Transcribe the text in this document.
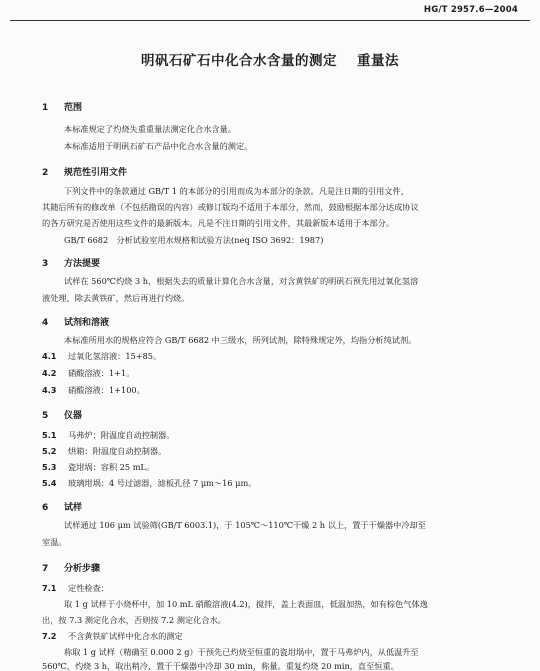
HG/T 2957.6—2004
明矾石矿石中化合水含量的测定 重量法
1 范围
本标准规定了灼烧失重重量法测定化合水含量。
本标准适用于明矾石矿石产品中化合水含量的测定。
2 规范性引用文件
下列文件中的条款通过 GB/T 1 的本部分的引用而成为本部分的条款。凡是注日期的引用文件，
其随后所有的修改单（不包括勘误的内容）或修订版均不适用于本部分，然而，鼓励根据本部分达成协议
的各方研究是否使用这些文件的最新版本。凡是不注日期的引用文件，其最新版本适用于本部分。
GB/T 6682　分析试验室用水规格和试验方法(neq ISO 3692：1987)
3 方法提要
试样在 560℃灼烧 3 h，根据失去的质量计算化合水含量，对含黄铁矿的明矾石预先用过氧化氢溶
液处理，除去黄铁矿，然后再进行灼烧。
4 试剂和溶液
本标准所用水的规格应符合 GB/T 6682 中三级水，所列试剂，除特殊规定外，均指分析纯试剂。
4.1 过氧化氢溶液：15+85。
4.2 硝酸溶液：1+1。
4.3 硝酸溶液：1+100。
5 仪器
5.1 马弗炉：附温度自动控制器。
5.2 烘箱：附温度自动控制器。
5.3 瓷坩埚：容积 25 mL。
5.4 玻璃坩埚：4 号过滤器，滤板孔径 7 μm～16 μm。
6 试样
试样通过 106 μm 试验筛(GB/T 6003.1)，于 105℃～110℃干燥 2 h 以上，置于干燥器中冷却至
室温。
7 分析步骤
7.1 定性检查：
取 1 g 试样于小烧杯中，加 10 mL 硝酸溶液(4.2)，搅拌，盖上表面皿，低温加热，如有棕色气体逸
出，按 7.3 测定化合水，否则按 7.2 测定化合水。
7.2 不含黄铁矿试样中化合水的测定
称取 1 g 试样（精确至 0.000 2 g）于预先已灼烧至恒重的瓷坩埚中，置于马弗炉内，从低温升至
560℃，灼烧 3 h，取出稍冷，置于干燥器中冷却 30 min，称量。重复灼烧 20 min，直至恒重。
